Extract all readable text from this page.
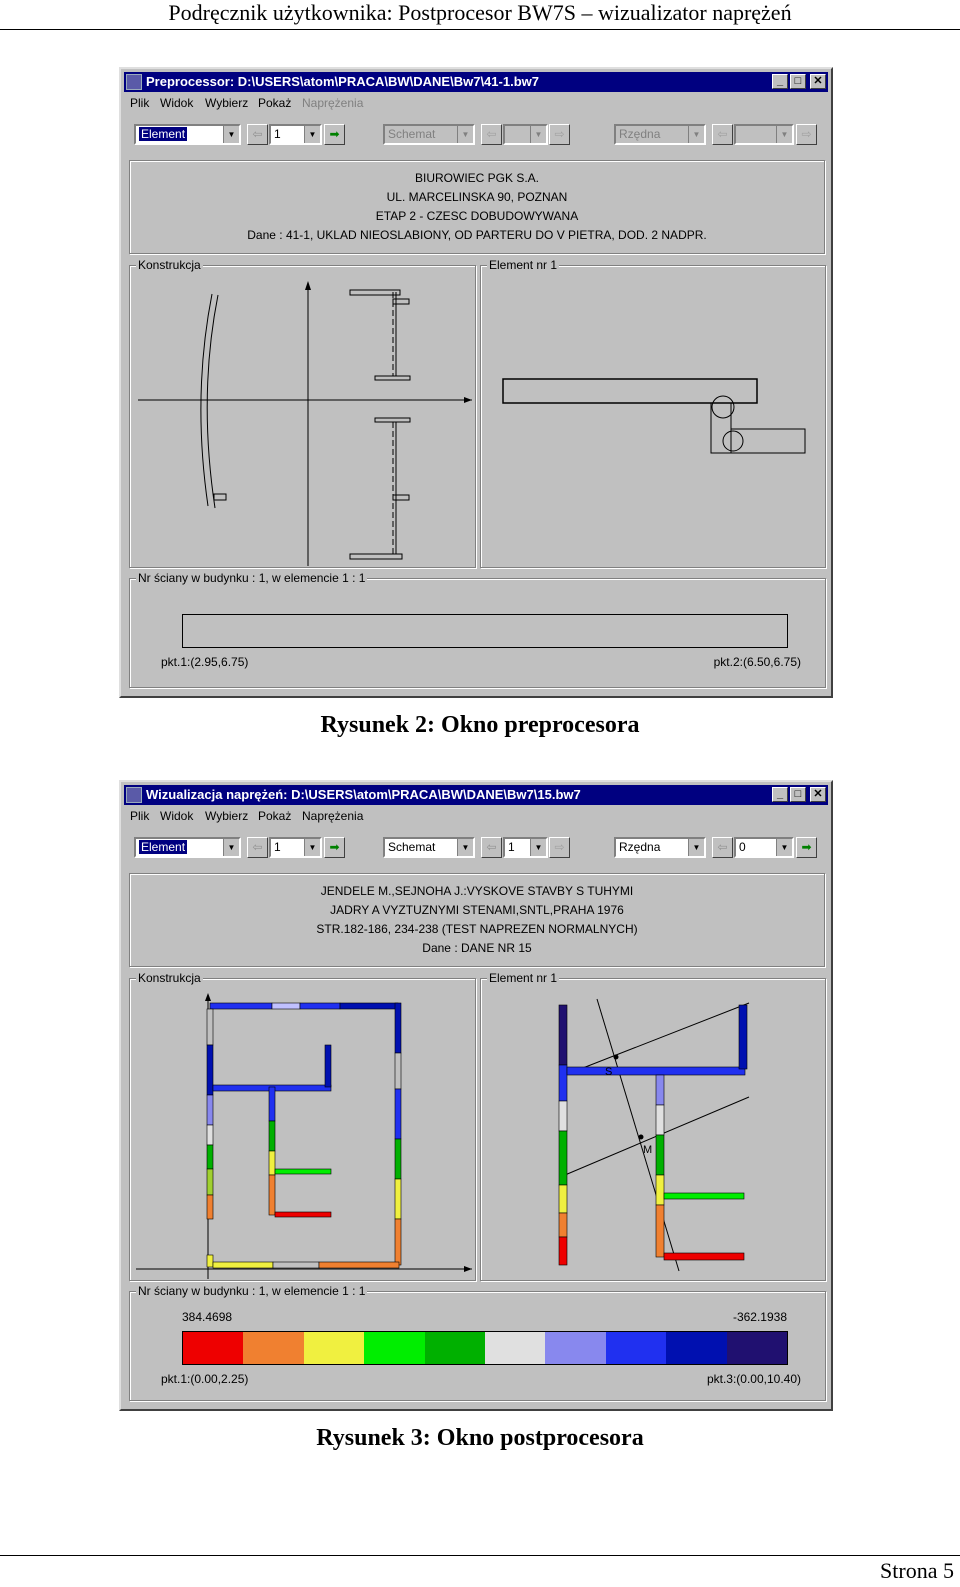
Podręcznik użytkownika: Postprocesor BW7S – wizualizator naprężeń
Preprocessor: D:\USERS\atom\PRACA\BW\DANE\Bw7\41-1.bw7	_	□	✕
Plik Widok Wybierz Pokaż Naprężenia
Element	▼	⇦ 1	▼	➡	Schemat	▼	⇦	▼	⇨	Rzędna	▼	⇦	▼	⇨
BIUROWIEC PGK S.A.
UL. MARCELINSKA 90, POZNAN
ETAP 2 - CZESC DOBUDOWYWANA
Dane : 41-1, UKLAD NIEOSLABIONY, OD PARTERU DO V PIETRA, DOD. 2 NADPR.
Konstrukcja	Element nr 1
Nr ściany w budynku : 1, w elemencie 1 : 1
pkt.1:(2.95,6.75)	pkt.2:(6.50,6.75)
Rysunek 2: Okno preprocesora
Wizualizacja naprężeń: D:\USERS\atom\PRACA\BW\DANE\Bw7\15.bw7	_	□	✕
Plik Widok Wybierz Pokaż Naprężenia
Element	▼	⇦ 1	▼	➡	Schemat	▼	⇦ 1	▼	⇨	Rzędna	▼	⇦ 0	▼	➡
JENDELE M.,SEJNOHA J.:VYSKOVE STAVBY S TUHYMI
JADRY A VYZTUZNYMI STENAMI,SNTL,PRAHA 1976
STR.182-186, 234-238 (TEST NAPREZEN NORMALNYCH)
Dane : DANE NR 15
Konstrukcja	Element nr 1
S
M
Nr ściany w budynku : 1, w elemencie 1 : 1
384.4698	-362.1938
pkt.1:(0.00,2.25)	pkt.3:(0.00,10.40)
Rysunek 3: Okno postprocesora
Strona 5
